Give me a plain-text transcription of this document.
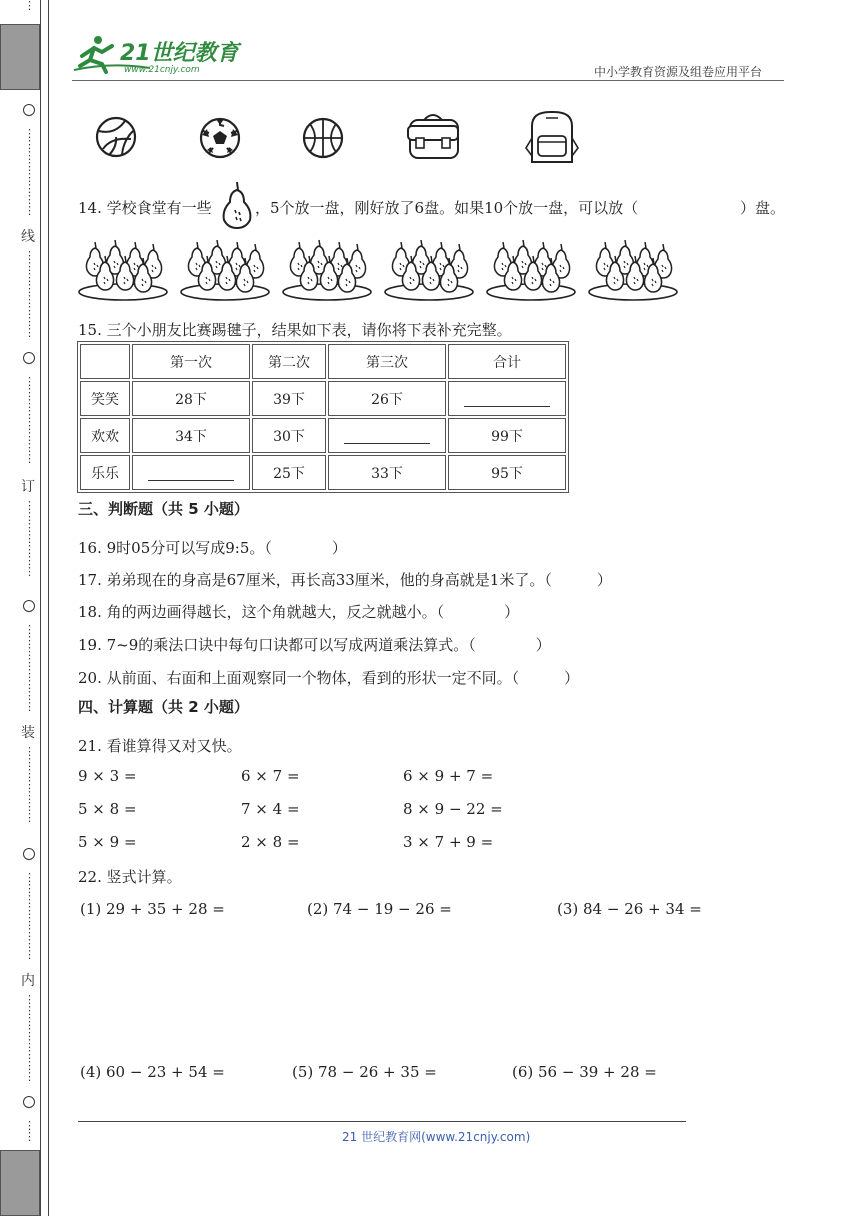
⋮
⋮
⋮
⋮
⋮
⋮
⋮
⋮
⋮
线
⋮
⋮
⋮
⋮
⋮
⋮
⋮
⋮
⋮
⋮
⋮
⋮
⋮
⋮
⋮
⋮
订
⋮
⋮
⋮
⋮
⋮
⋮
⋮
⋮
⋮
⋮
⋮
⋮
⋮
⋮
⋮
装
⋮
⋮
⋮
⋮
⋮
⋮
⋮
⋮
⋮
⋮
⋮
⋮
⋮
⋮
⋮
内
⋮
⋮
⋮
⋮
⋮
⋮
⋮
⋮
⋮
⋮
21世纪教育
www.21cnjy.com	中小学教育资源及组卷应用平台
14. 学校食堂有一些	，5个放一盘，刚好放了6盘。如果10个放一盘，可以放（	）盘。
15. 三个小朋友比赛踢毽子，结果如下表，请你将下表补充完整。
	第一次	第二次	第三次	合计
笑笑	28下	39下	26下	
欢欢	34下	30下		99下
乐乐		25下	33下	95下
三、判断题（共 5 小题）
16. 9时05分可以写成9:5。（　　　　）
17. 弟弟现在的身高是67厘米，再长高33厘米，他的身高就是1米了。（　　　）
18. 角的两边画得越长，这个角就越大，反之就越小。（　　　　）
19. 7~9的乘法口诀中每句口诀都可以写成两道乘法算式。（　　　　）
20. 从前面、右面和上面观察同一个物体，看到的形状一定不同。（　　　）
四、计算题（共 2 小题）
21. 看谁算得又对又快。
9 × 3 =	6 × 7 =	6 × 9 + 7 =
5 × 8 =	7 × 4 =	8 × 9 − 22 =
5 × 9 =	2 × 8 =	3 × 7 + 9 =
22. 竖式计算。
(1) 29 + 35 + 28 =	(2) 74 − 19 − 26 =	(3) 84 − 26 + 34 =
(4) 60 − 23 + 54 =	(5) 78 − 26 + 35 =	(6) 56 − 39 + 28 =
21 世纪教育网(www.21cnjy.com)
